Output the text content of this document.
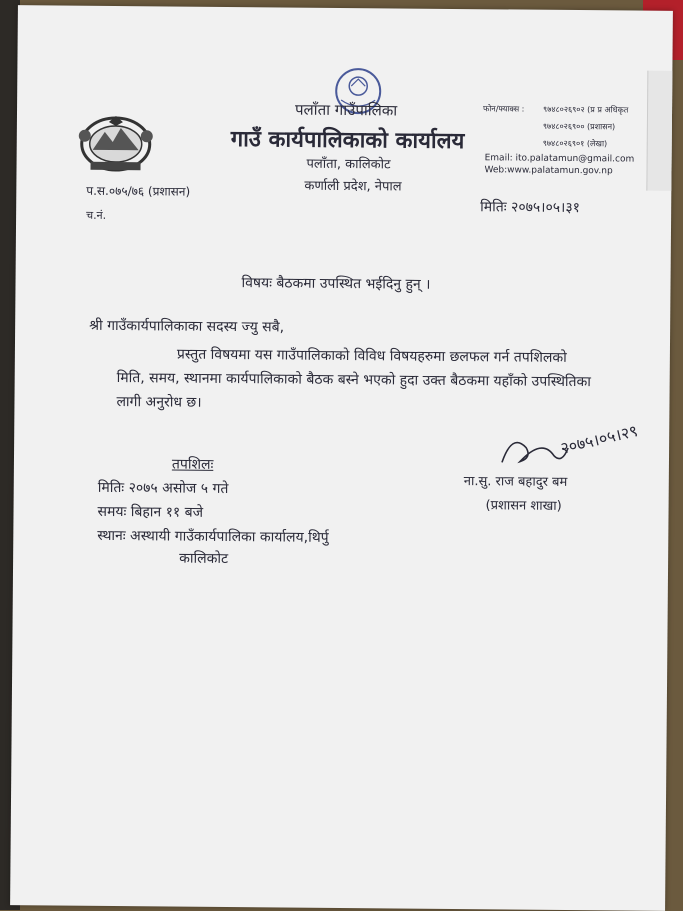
पलाँता गाउँपालिका
गाउँ कार्यपालिकाको कार्यालय
पलाँता, कालिकोट
कर्णाली प्रदेश, नेपाल
फोन/फ्याक्स : ९७४८०२६९०२ (प्र प्र अधिकृत
९७४८०२६९०० (प्रशासन)
९७४८०२६९०१ (लेखा)
Email: ito.palatamun@gmail.com
Web:www.palatamun.gov.np
प.स.०७५/७६ (प्रशासन)
च.नं.	मितिः २०७५।०५।३१
विषयः बैठकमा उपस्थित भईदिनु हुन् ।
श्री गाउँकार्यपालिकाका सदस्य ज्यु सबै,
प्रस्तुत विषयमा यस गाउँपालिकाको विविध विषयहरुमा छलफल गर्न तपशिलको
मिति, समय, स्थानमा कार्यपालिकाको बैठक बस्ने भएको हुदा उक्त बैठकमा यहाँको उपस्थितिका
लागी अनुरोध छ।
तपशिलः
मितिः २०७५ असोज ५ गते
समयः बिहान ११ बजे
स्थानः अस्थायी गाउँकार्यपालिका कार्यालय,थिर्पु
कालिकोट
२०७५।०५।२९
ना.सु. राज बहादुर बम
(प्रशासन शाखा)
